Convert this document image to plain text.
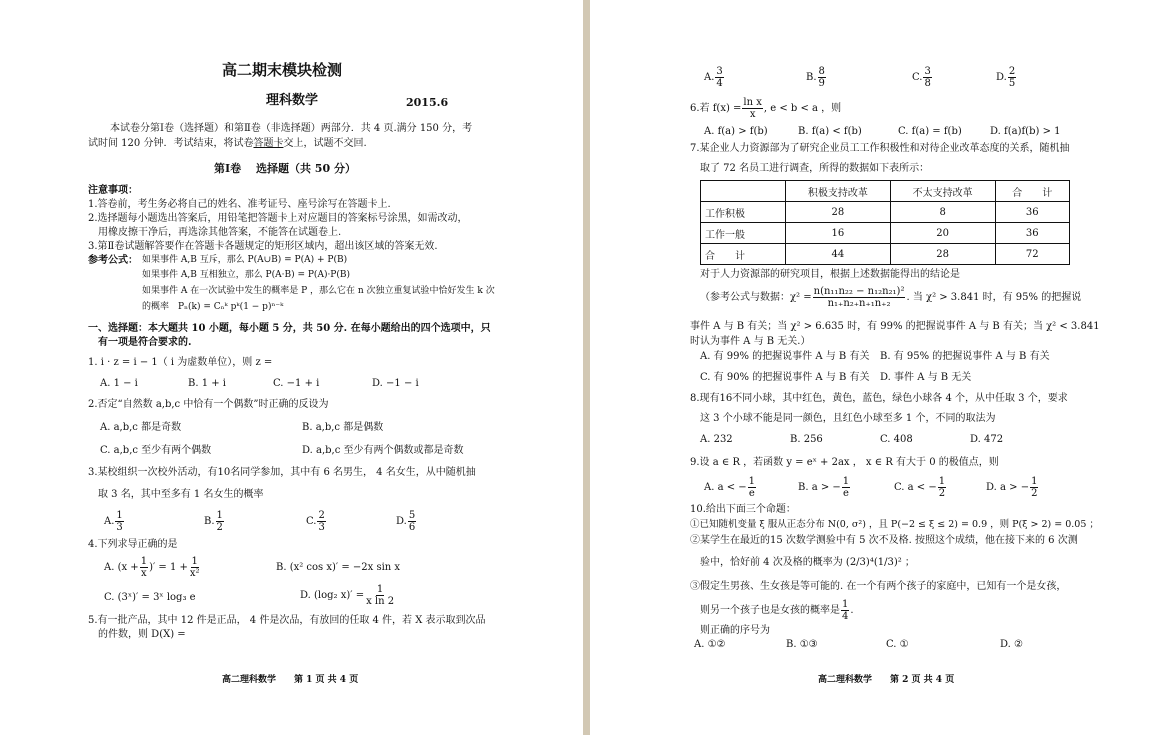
高二期末模块检测
理科数学	2015.6
本试卷分第Ⅰ卷（选择题）和第Ⅱ卷（非选择题）两部分．共 4 页.满分 150 分，考
试时间 120 分钟．考试结束，将试卷答题卡交上，试题不交回.
第Ⅰ卷　 选择题（共 50 分）
注意事项：
1.答卷前，考生务必将自己的姓名、准考证号、座号涂写在答题卡上.
2.选择题每小题选出答案后，用铅笔把答题卡上对应题目的答案标号涂黑，如需改动，
用橡皮擦干净后，再选涂其他答案，不能答在试题卷上.
3.第Ⅱ卷试题解答要作在答题卡各题规定的矩形区域内，超出该区域的答案无效.
参考公式： 如果事件 A,B 互斥，那么 P(A∪B) = P(A) + P(B)
如果事件 A,B 互相独立，那么 P(A·B) = P(A)·P(B)
如果事件 A 在一次试验中发生的概率是 P ，那么它在 n 次独立重复试验中恰好发生 k 次
的概率　 Pₙ(k) = Cₙᵏ pᵏ(1 − p)ⁿ⁻ᵏ
一、选择题：本大题共 10 小题，每小题 5 分，共 50 分. 在每小题给出的四个选项中，只
有一项是符合要求的.
1. i · z = i − 1（ i 为虚数单位），则 z =
A. 1 − i	B. 1 + i	C. −1 + i	D. −1 − i
2.否定“自然数 a,b,c 中恰有一个偶数”时正确的反设为
A. a,b,c 都是奇数	B. a,b,c 都是偶数
C. a,b,c 至少有两个偶数	D. a,b,c 至少有两个偶数或都是奇数
3.某校组织一次校外活动，有10名同学参加，其中有 6 名男生， 4 名女生，从中随机抽
取 3 名，其中至多有 1 名女生的概率
A. $\frac{1}{3}$	B. $\frac{1}{2}$	C. $\frac{2}{3}$	D. $\frac{5}{6}$
4.下列求导正确的是
A. ($x + \frac{1}{x}$ )′ = $1 + \frac{1}{\text{x²}}$	B. (x² cos x)′ = −2x sin x
C. (3ˣ)′ = 3ˣ log₃ e	D. (log₂ $x)' = \frac{1}{\text{x ln 2}}$
5.有一批产品，其中 12 件是正品， 4 件是次品，有放回的任取 4 件，若 X 表示取到次品
的件数，则 D(X) =
高二理科数学　　第 1 页 共 4 页
A. $\frac{3}{4}$	B. $\frac{8}{9}$	C. $\frac{3}{8}$	D. $\frac{2}{5}$
6.若 $f(x) = \frac{\text{ln x}}{x}$ , e < b < a ，则
A. f(a) > f(b)	B. f(a) < f(b)	C. f(a) = f(b)	D. f(a)f(b) > 1
7.某企业人力资源部为了研究企业员工工作积极性和对待企业改革态度的关系，随机抽
取了 72 名员工进行调查，所得的数据如下表所示：
	积极支持改革	不太支持改革	合　　计
工作积极	28	8	36
工作一般	16	20	36
合　　计	44	28	72
对于人力资源部的研究项目，根据上述数据能得出的结论是
（参考公式与数据：$\chi^2 = \frac{\text{n(n₁₁n₂₂ − n₁₂n₂₁)²}}{\text{n₁₊n₂₊n₊₁n₊₂}}$ . 当 χ² > 3.841 时，有 95% 的把握说
事件 A 与 B 有关；当 χ² > 6.635 时，有 99% 的把握说事件 A 与 B 有关；当 χ² < 3.841
时认为事件 A 与 B 无关.）
A. 有 99% 的把握说事件 A 与 B 有关 B. 有 95% 的把握说事件 A 与 B 有关
C. 有 90% 的把握说事件 A 与 B 有关 D. 事件 A 与 B 无关
8.现有16不同小球，其中红色，黄色，蓝色，绿色小球各 4 个，从中任取 3 个，要求
这 3 个小球不能是同一颜色，且红色小球至多 1 个，不同的取法为
A. 232	B. 256	C. 408	D. 472
9.设 a ∈ R ，若函数 y = eˣ + 2ax ， x ∈ R 有大于 0 的极值点，则
A. a < − $\frac{1}{e}$	B. a > − $\frac{1}{e}$	C. a < − $\frac{1}{2}$	D. a > − $\frac{1}{2}$
10.给出下面三个命题：
①已知随机变量 ξ 服从正态分布 N(0, σ²) ，且 P(−2 ≤ ξ ≤ 2) = 0.9 ，则 P(ξ > 2) = 0.05 ；
②某学生在最近的15 次数学测验中有 5 次不及格. 按照这个成绩，他在接下来的 6 次测
验中，恰好前 4 次及格的概率为 (2/3)⁴(1/3)² ；
③假定生男孩、生女孩是等可能的. 在一个有两个孩子的家庭中，已知有一个是女孩，
则另一个孩子也是女孩的概率是 $\frac{1}{4}$ .
则正确的序号为
A. ①②	B. ①③	C. ①	D. ②
高二理科数学　　第 2 页 共 4 页
